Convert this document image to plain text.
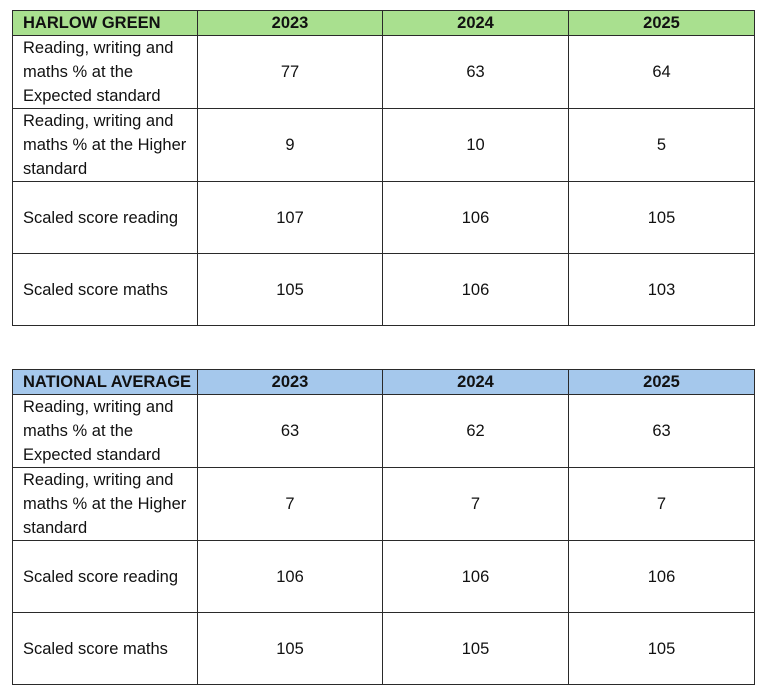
HARLOW GREEN	2023	2024	2025
Reading, writing and maths % at the Expected standard	77	63	64
Reading, writing and maths % at the Higher standard	9	10	5
Scaled score reading	107	106	105
Scaled score maths	105	106	103
NATIONAL AVERAGE	2023	2024	2025
Reading, writing and maths % at the Expected standard	63	62	63
Reading, writing and maths % at the Higher standard	7	7	7
Scaled score reading	106	106	106
Scaled score maths	105	105	105
